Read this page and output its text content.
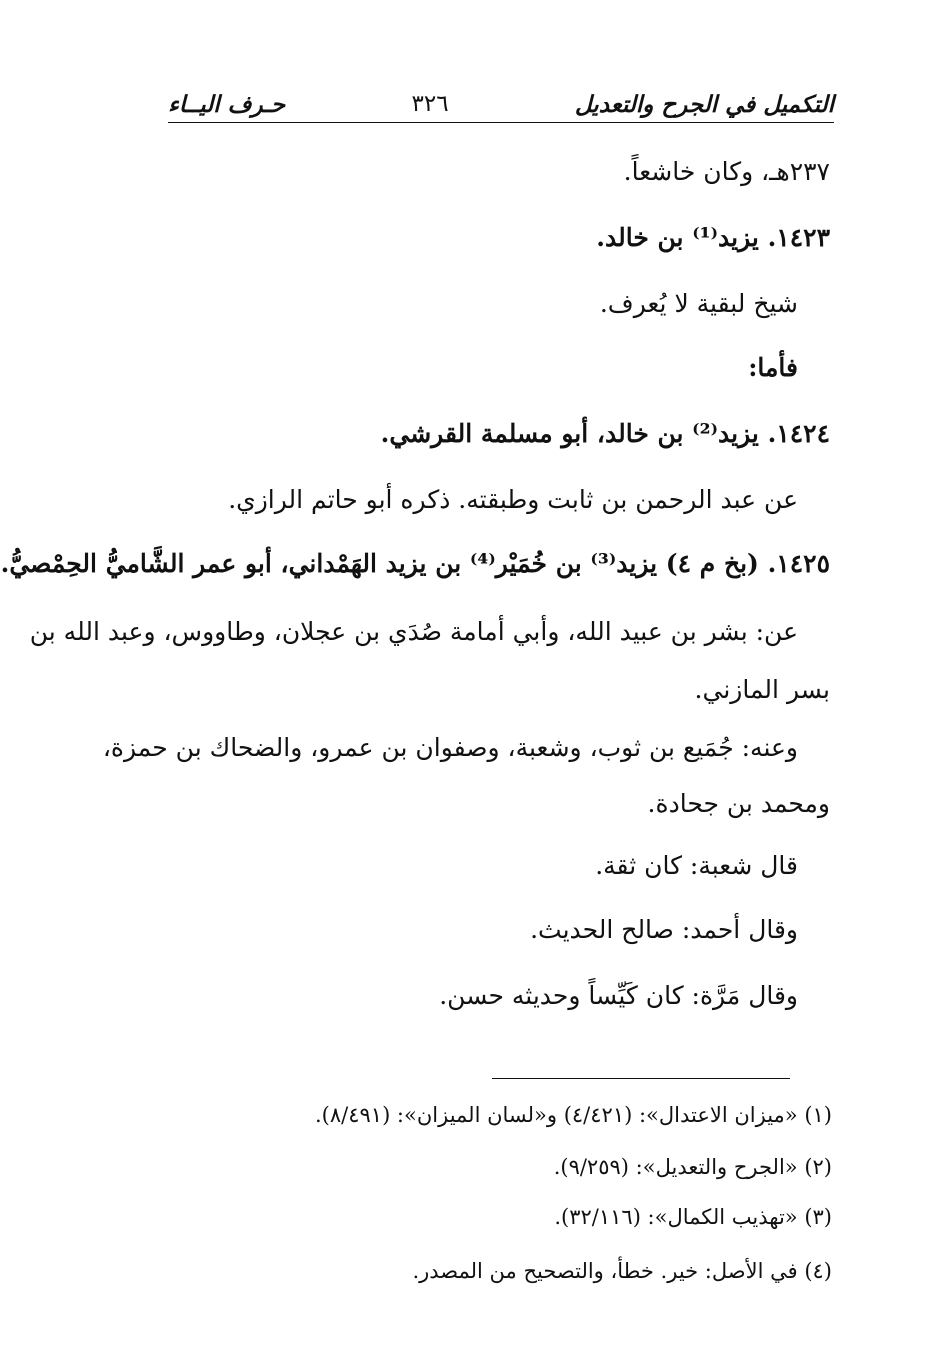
التكميل في الجرح والتعديل
٣٢٦
حـرف اليــاء
٢٣٧هـ، وكان خاشعاً.
١٤٢٣. يزيد⁽¹⁾ بن خالد.
شيخ لبقية لا يُعرف.
فأما:
١٤٢٤. يزيد⁽²⁾ بن خالد، أبو مسلمة القرشي.
عن عبد الرحمن بن ثابت وطبقته. ذكره أبو حاتم الرازي.
١٤٢٥. (بخ م ٤) يزيد⁽³⁾ بن خُمَيْر⁽⁴⁾ بن يزيد الهَمْداني، أبو عمر الشَّاميُّ الحِمْصيُّ.
عن: بشر بن عبيد الله، وأبي أمامة صُدَي بن عجلان، وطاووس، وعبد الله بن
بسر المازني.
وعنه: جُمَيع بن ثوب، وشعبة، وصفوان بن عمرو، والضحاك بن حمزة،
ومحمد بن جحادة.
قال شعبة: كان ثقة.
وقال أحمد: صالح الحديث.
وقال مَرَّة: كان كَيِّساً وحديثه حسن.
(١) «ميزان الاعتدال»: (٤/٤٢١) و«لسان الميزان»: (٨/٤٩١).
(٢) «الجرح والتعديل»: (٩/٢٥٩).
(٣) «تهذيب الكمال»: (٣٢/١١٦).
(٤) في الأصل: خير. خطأ، والتصحيح من المصدر.
